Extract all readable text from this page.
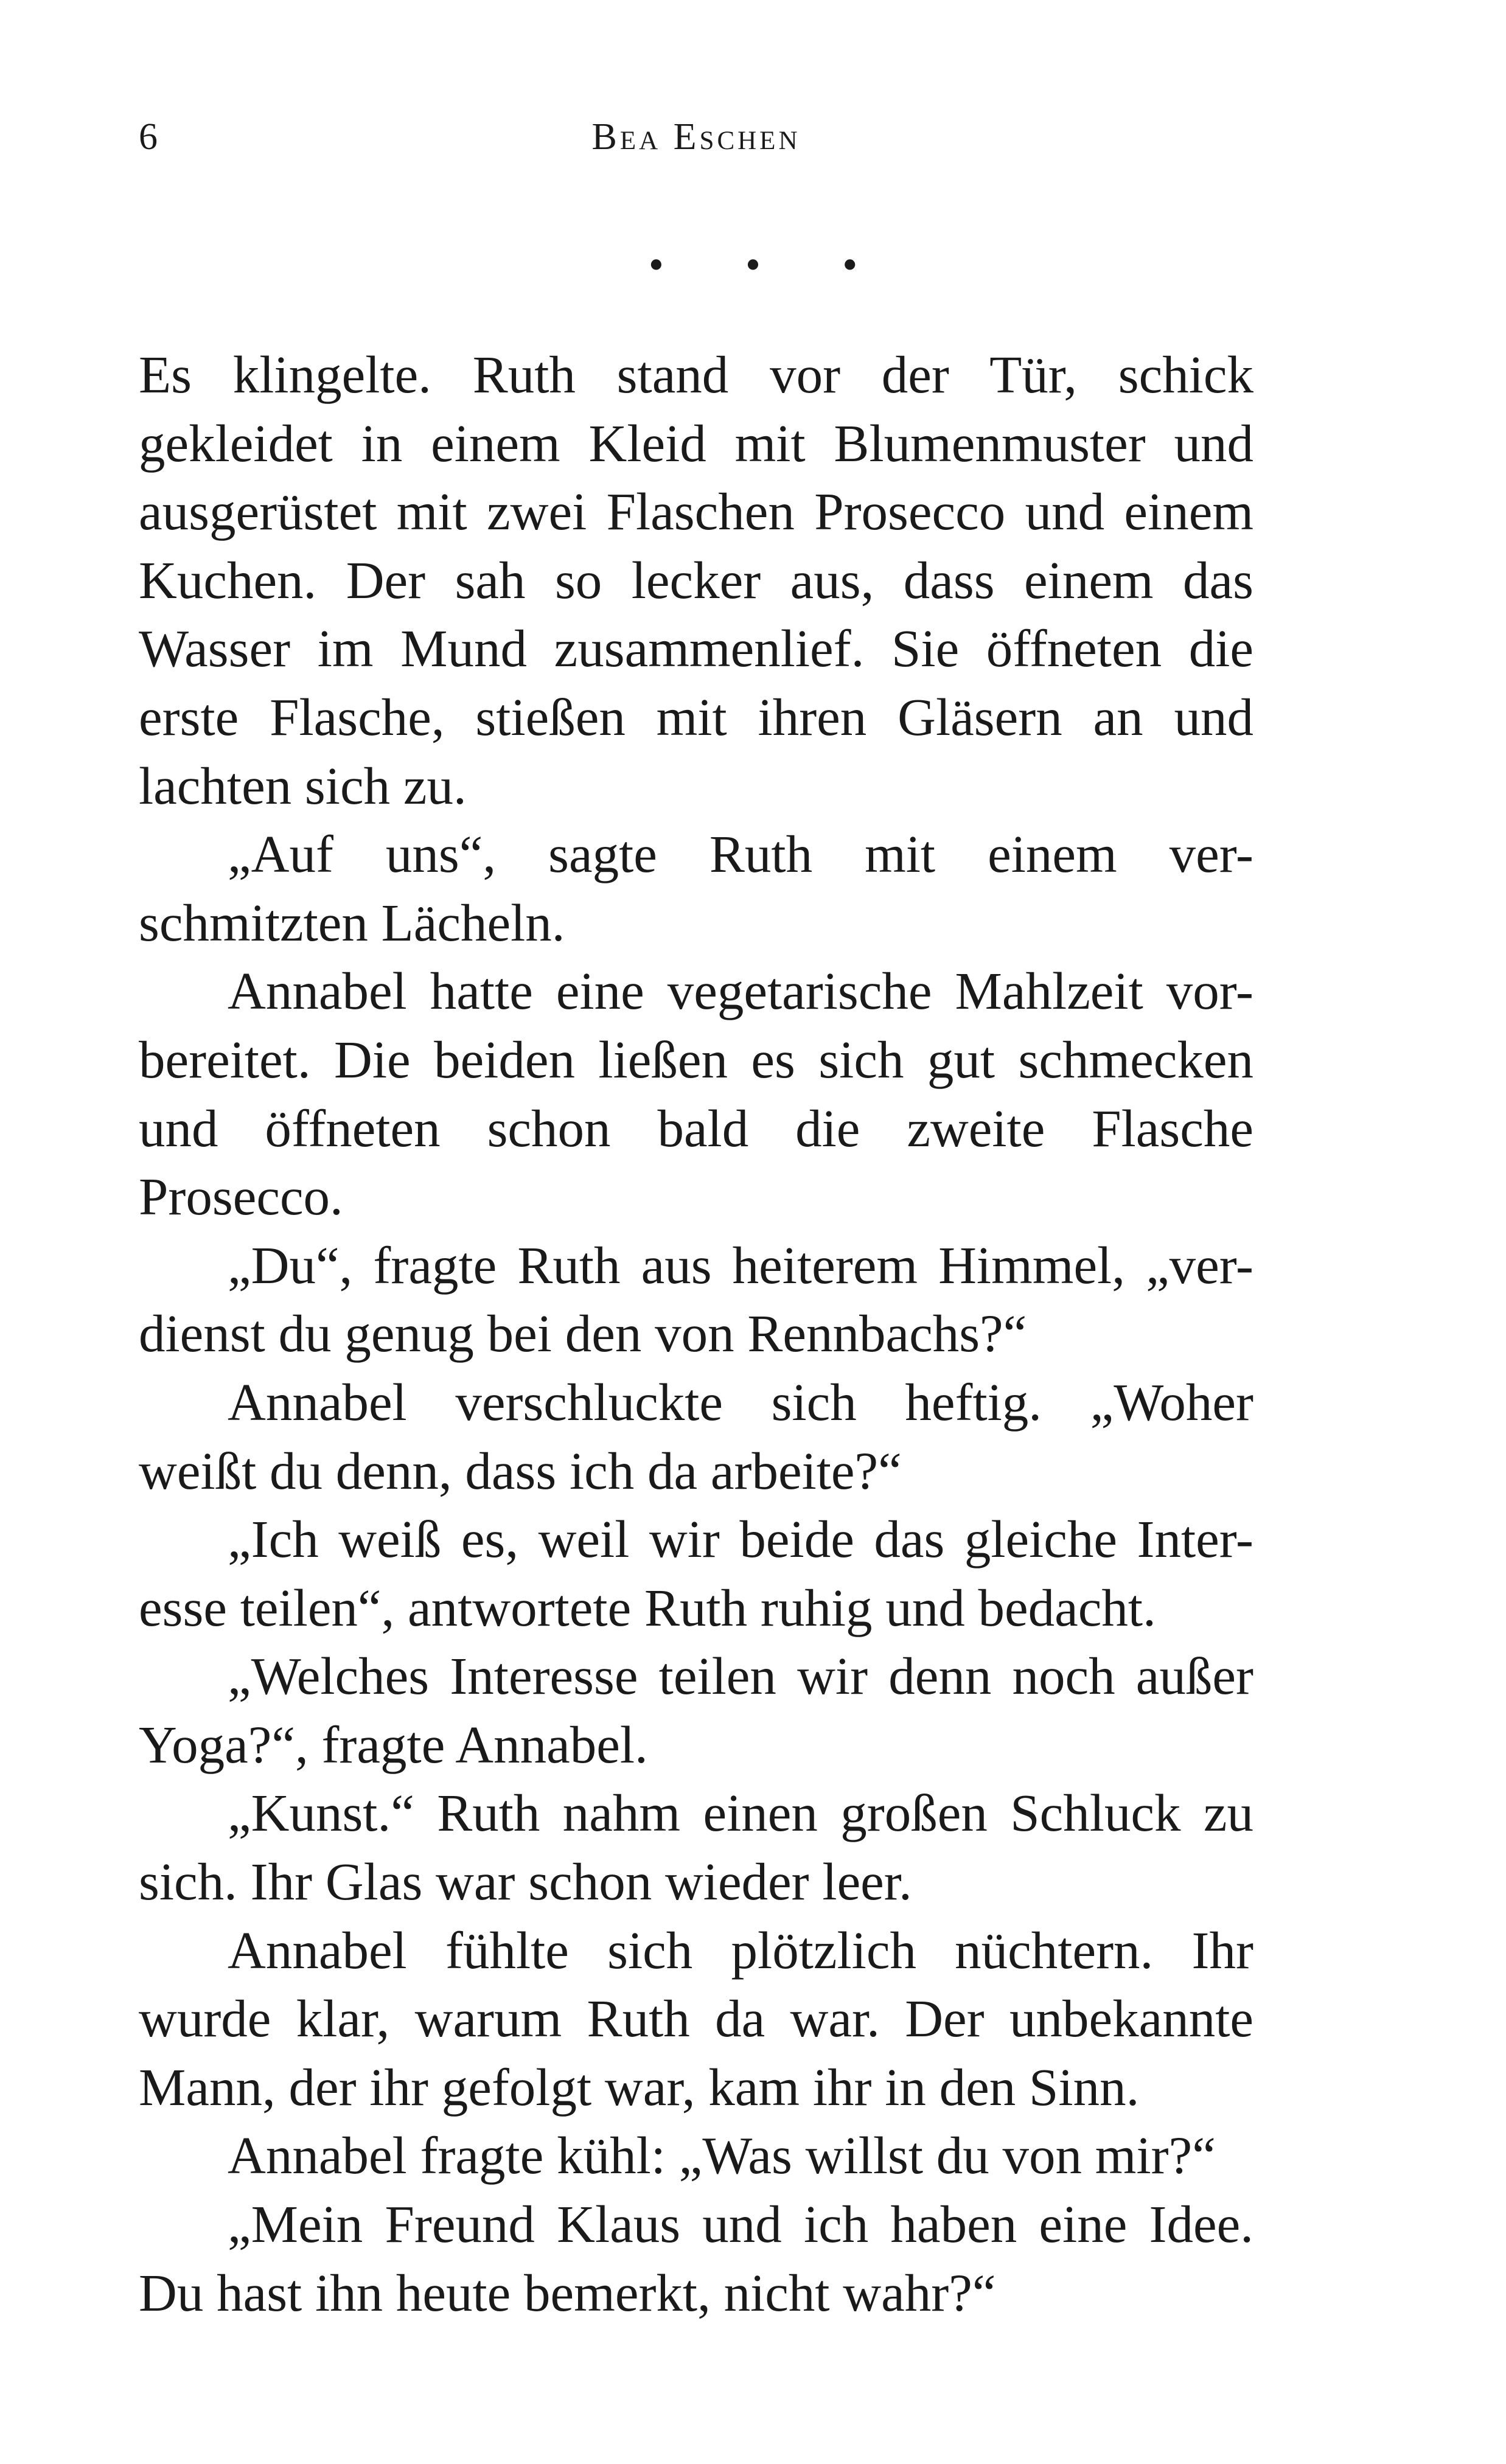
6	Bea Eschen
• • •
Es klingelte. Ruth stand vor der Tür, schick
gekleidet in einem Kleid mit Blumenmuster und
ausgerüstet mit zwei Flaschen Prosecco und einem
Kuchen. Der sah so lecker aus, dass einem das
Wasser im Mund zusammenlief. Sie öffneten die
erste Flasche, stießen mit ihren Gläsern an und
lachten sich zu.
„Auf uns“, sagte Ruth mit einem ver-
schmitzten Lächeln.
Annabel hatte eine vegetarische Mahlzeit vor-
bereitet. Die beiden ließen es sich gut schmecken
und öffneten schon bald die zweite Flasche
Prosecco.
„Du“, fragte Ruth aus heiterem Himmel, „ver-
dienst du genug bei den von Rennbachs?“
Annabel verschluckte sich heftig. „Woher
weißt du denn, dass ich da arbeite?“
„Ich weiß es, weil wir beide das gleiche Inter-
esse teilen“, antwortete Ruth ruhig und bedacht.
„Welches Interesse teilen wir denn noch außer
Yoga?“, fragte Annabel.
„Kunst.“ Ruth nahm einen großen Schluck zu
sich. Ihr Glas war schon wieder leer.
Annabel fühlte sich plötzlich nüchtern. Ihr
wurde klar, warum Ruth da war. Der unbekannte
Mann, der ihr gefolgt war, kam ihr in den Sinn.
Annabel fragte kühl: „Was willst du von mir?“
„Mein Freund Klaus und ich haben eine Idee.
Du hast ihn heute bemerkt, nicht wahr?“
